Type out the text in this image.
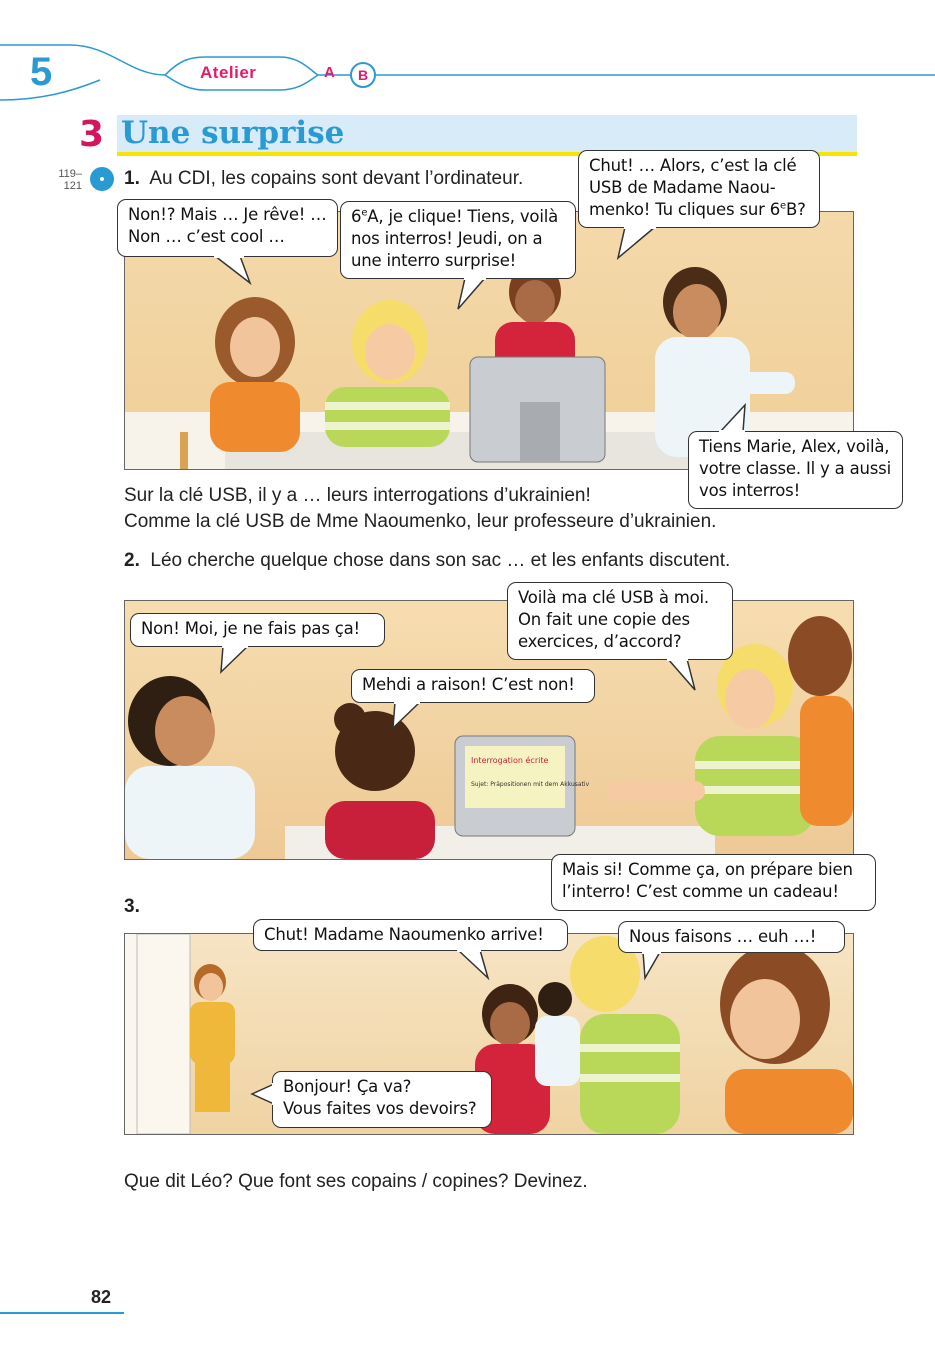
5	Atelier	A	B
3 Une surprise
119–121 1. Au CDI, les copains sont devant l’ordinateur.
Non!? Mais … Je rêve! … Non … c’est cool …
6eA, je clique! Tiens, voilà nos interros! Jeudi, on a une interro surprise!
Chut! … Alors, c’est la clé USB de Madame Naou-menko! Tu cliques sur 6eB?
Tiens Marie, Alex, voilà, votre classe. Il y a aussi vos interros!
Sur la clé USB, il y a … leurs interrogations d’ukrainien!
Comme la clé USB de Mme Naoumenko, leur professeure d’ukrainien.
2. Léo cherche quelque chose dans son sac … et les enfants discutent.
Interrogation écrite
Sujet: Präpositionen mit dem Akkusativ
Non! Moi, je ne fais pas ça!
Voilà ma clé USB à moi. On fait une copie des exercices, d’accord?
Mehdi a raison! C’est non!
Mais si! Comme ça, on prépare bien l’interro! C’est comme un cadeau!
3.
Chut! Madame Naoumenko arrive!	Nous faisons … euh …!
Bonjour! Ça va?
Vous faites vos devoirs?
Que dit Léo? Que font ses copains / copines? Devinez.
82
